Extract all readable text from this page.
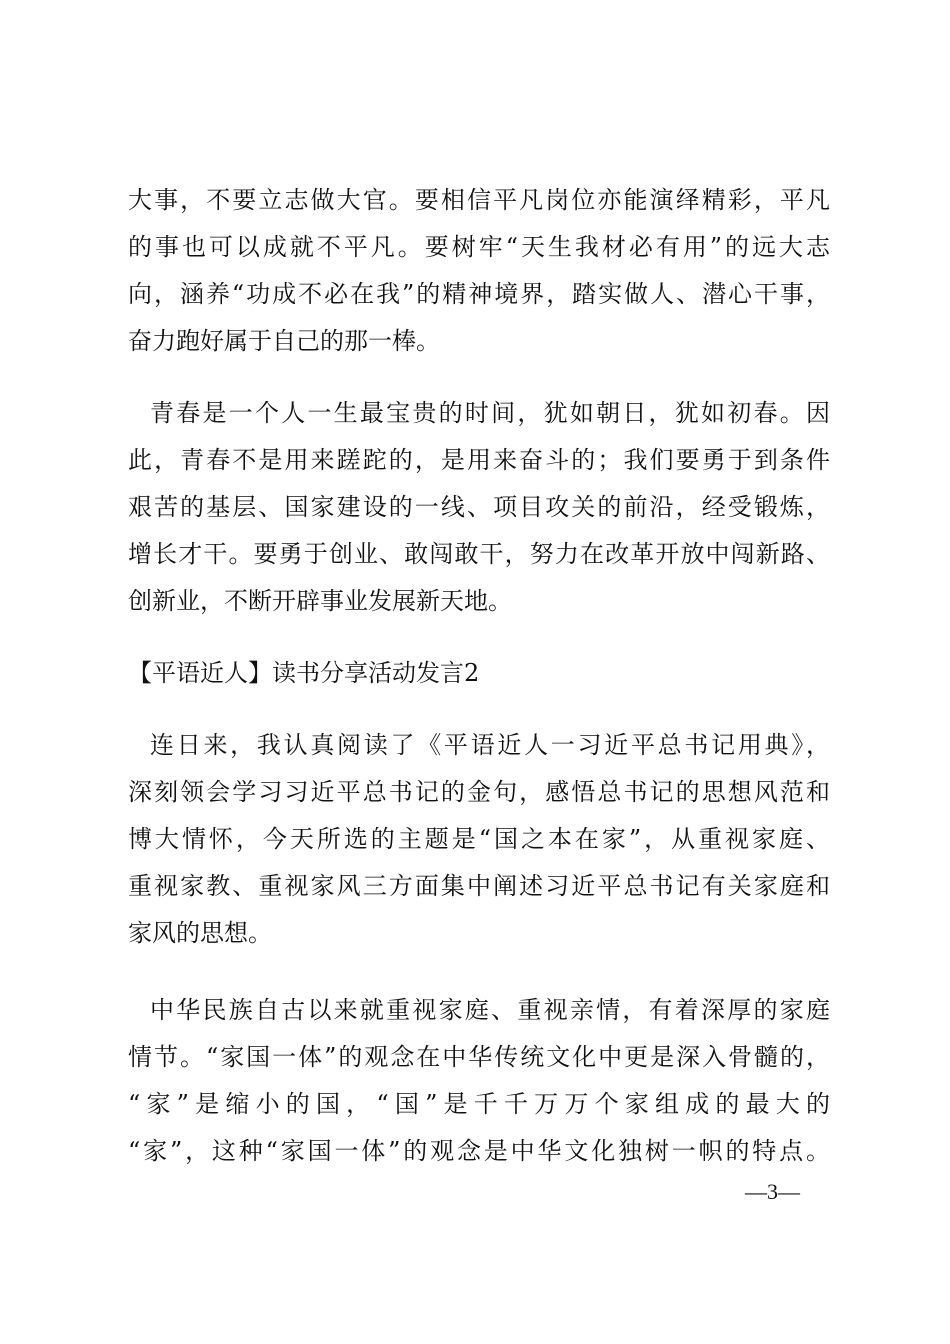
大事，不要立志做大官。要相信平凡岗位亦能演绎精彩，平凡
的事也可以成就不平凡。要树牢“天生我材必有用”的远大志
向，涵养“功成不必在我”的精神境界，踏实做人、潜心干事，
奋力跑好属于自己的那一棒。
青春是一个人一生最宝贵的时间，犹如朝日，犹如初春。因
此，青春不是用来蹉跎的，是用来奋斗的；我们要勇于到条件
艰苦的基层、国家建设的一线、项目攻关的前沿，经受锻炼，
增长才干。要勇于创业、敢闯敢干，努力在改革开放中闯新路、
创新业，不断开辟事业发展新天地。
【平语近人】读书分享活动发言2
连日来，我认真阅读了《平语近人一习近平总书记用典》，
深刻领会学习习近平总书记的金句，感悟总书记的思想风范和
博大情怀，今天所选的主题是“国之本在家”，从重视家庭、
重视家教、重视家风三方面集中阐述习近平总书记有关家庭和
家风的思想。
中华民族自古以来就重视家庭、重视亲情，有着深厚的家庭
情节。“家国一体”的观念在中华传统文化中更是深入骨髓的，
“家”是缩小的国，“国”是千千万万个家组成的最大的
“家”，这种“家国一体”的观念是中华文化独树一帜的特点。
—3—
